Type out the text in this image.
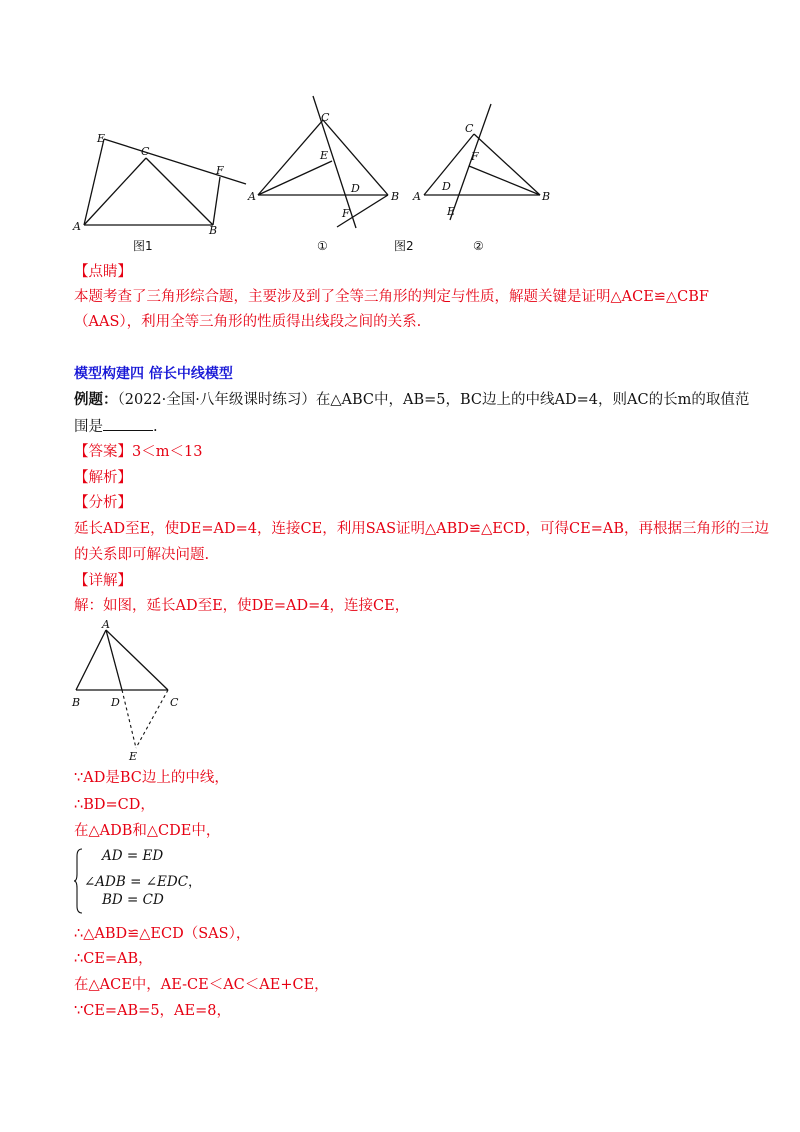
E
C
F
A	B
图1
C
E
A
D
B
F
①
C
F
A
D
E
B
图2	②
【点睛】
本题考查了三角形综合题，主要涉及到了全等三角形的判定与性质，解题关键是证明△ACE≌△CBF
（AAS），利用全等三角形的性质得出线段之间的关系.
模型构建四 倍长中线模型
例题：（2022·全国·八年级课时练习）在△ABC中，AB=5，BC边上的中线AD=4，则AC的长m的取值范
围是	.
【答案】3＜m＜13
【解析】
【分析】
延长AD至E，使DE=AD=4，连接CE，利用SAS证明△ABD≌△ECD，可得CE=AB，再根据三角形的三边
的关系即可解决问题.
【详解】
解：如图，延长AD至E，使DE=AD=4，连接CE，
A
B	D	C
E
∵AD是BC边上的中线，
∴BD=CD，
在△ADB和△CDE中，
AD = ED
∠ADB = ∠EDC，
BD = CD
∴△ABD≌△ECD（SAS），
∴CE=AB，
在△ACE中，AE-CE＜AC＜AE+CE，
∵CE=AB=5，AE=8，
